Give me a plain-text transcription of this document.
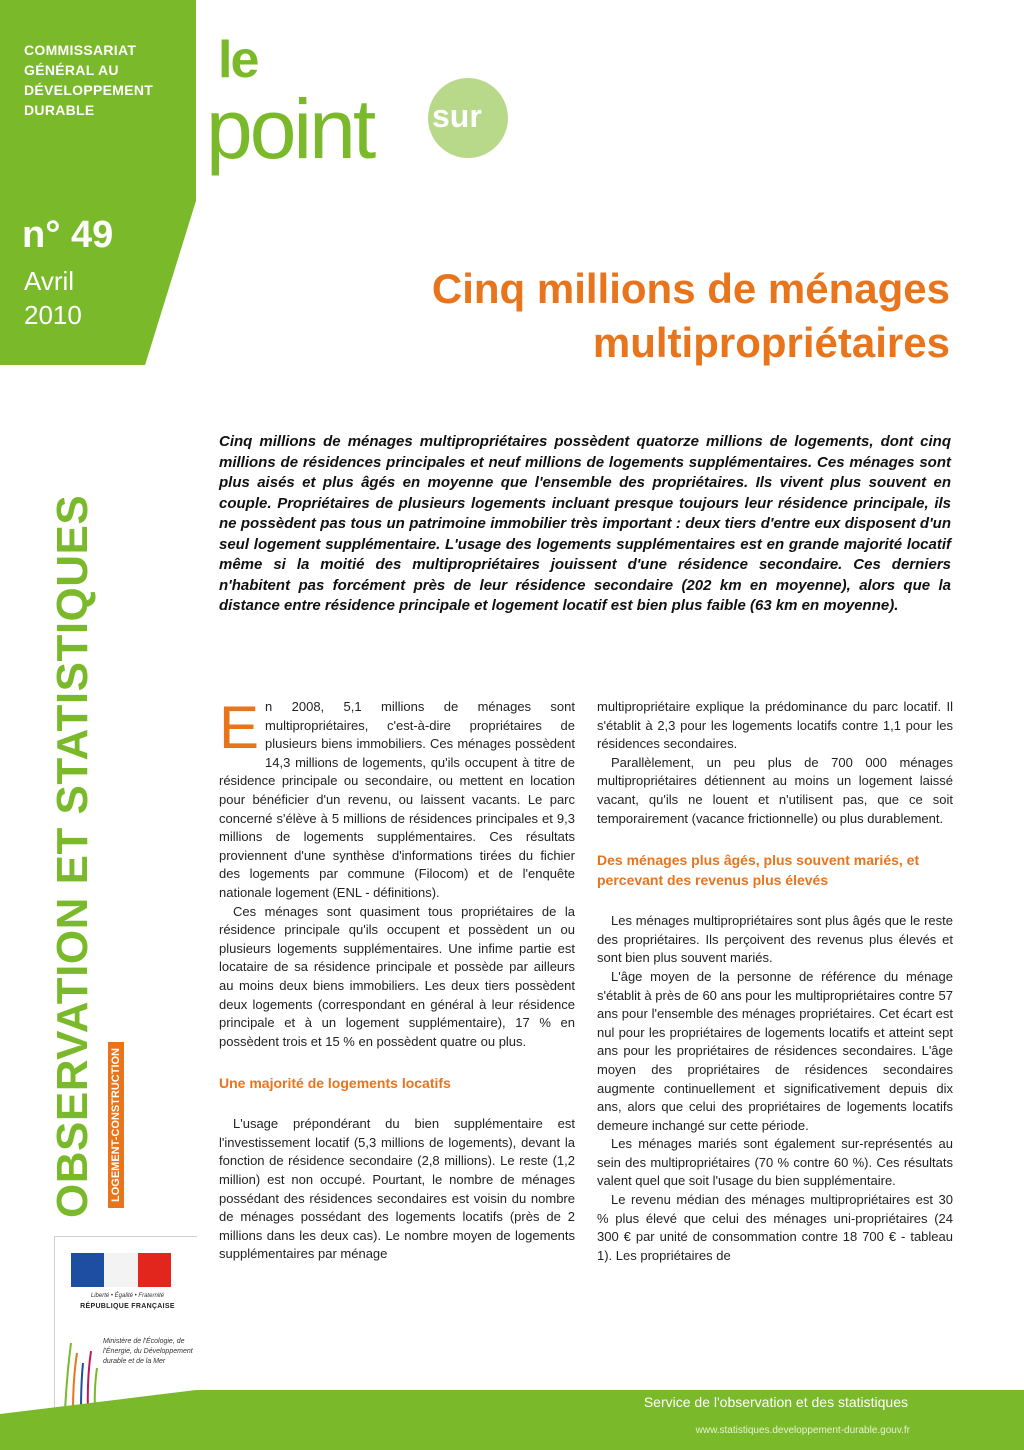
COMMISSARIAT
GÉNÉRAL AU
DÉVELOPPEMENT
DURABLE
n° 49
Avril
2010
OBSERVATION ET STATISTIQUES LOGEMENT-CONSTRUCTION
Liberté • Égalité • Fraternité
RÉPUBLIQUE FRANÇAISE
Ministère de l'Écologie, de l'Énergie, du Développement durable et de la Mer
le
point sur
Cinq millions de ménages multipropriétaires

Cinq millions de ménages multipropriétaires possèdent quatorze millions de logements, dont cinq millions de résidences principales et neuf millions de logements supplémentaires. Ces ménages sont plus aisés et plus âgés en moyenne que l'ensemble des propriétaires. Ils vivent plus souvent en couple. Propriétaires de plusieurs logements incluant presque toujours leur résidence principale, ils ne possèdent pas tous un patrimoine immobilier très important : deux tiers d'entre eux disposent d'un seul logement supplémentaire. L'usage des logements supplémentaires est en grande majorité locatif même si la moitié des multipropriétaires jouissent d'une résidence secondaire. Ces derniers n'habitent pas forcément près de leur résidence secondaire (202 km en moyenne), alors que la distance entre résidence principale et logement locatif est bien plus faible (63 km en moyenne).

En 2008, 5,1 millions de ménages sont multipropriétaires, c'est-à-dire propriétaires de plusieurs biens immobiliers. Ces ménages possèdent 14,3 millions de logements, qu'ils occupent à titre de résidence principale ou secondaire, ou mettent en location pour bénéficier d'un revenu, ou laissent vacants. Le parc concerné s'élève à 5 millions de résidences principales et 9,3 millions de logements supplémentaires. Ces résultats proviennent d'une synthèse d'informations tirées du fichier des logements par commune (Filocom) et de l'enquête nationale logement (ENL - définitions).

Ces ménages sont quasiment tous propriétaires de la résidence principale qu'ils occupent et possèdent un ou plusieurs logements supplémentaires. Une infime partie est locataire de sa résidence principale et possède par ailleurs au moins deux biens immobiliers. Les deux tiers possèdent deux logements (correspondant en général à leur résidence principale et à un logement supplémentaire), 17 % en possèdent trois et 15 % en possèdent quatre ou plus.

Une majorité de logements locatifs

L'usage prépondérant du bien supplémentaire est l'investissement locatif (5,3 millions de logements), devant la fonction de résidence secondaire (2,8 millions). Le reste (1,2 million) est non occupé. Pourtant, le nombre de ménages possédant des résidences secondaires est voisin du nombre de ménages possédant des logements locatifs (près de 2 millions dans les deux cas). Le nombre moyen de logements supplémentaires par ménage

multipropriétaire explique la prédominance du parc locatif. Il s'établit à 2,3 pour les logements locatifs contre 1,1 pour les résidences secondaires.

Parallèlement, un peu plus de 700 000 ménages multipropriétaires détiennent au moins un logement laissé vacant, qu'ils ne louent et n'utilisent pas, que ce soit temporairement (vacance frictionnelle) ou plus durablement.

Des ménages plus âgés, plus souvent mariés, et percevant des revenus plus élevés

Les ménages multipropriétaires sont plus âgés que le reste des propriétaires. Ils perçoivent des revenus plus élevés et sont bien plus souvent mariés.

L'âge moyen de la personne de référence du ménage s'établit à près de 60 ans pour les multipropriétaires contre 57 ans pour l'ensemble des ménages propriétaires. Cet écart est nul pour les propriétaires de logements locatifs et atteint sept ans pour les propriétaires de résidences secondaires. L'âge moyen des propriétaires de résidences secondaires augmente continuellement et significativement depuis dix ans, alors que celui des propriétaires de logements locatifs demeure inchangé sur cette période.

Les ménages mariés sont également sur-représentés au sein des multipropriétaires (70 % contre 60 %). Ces résultats valent quel que soit l'usage du bien supplémentaire.

Le revenu médian des ménages multipropriétaires est 30 % plus élevé que celui des ménages uni-propriétaires (24 300 € par unité de consommation contre 18 700 € - tableau 1). Les propriétaires de

Service de l'observation et des statistiques
www.statistiques.developpement-durable.gouv.fr
